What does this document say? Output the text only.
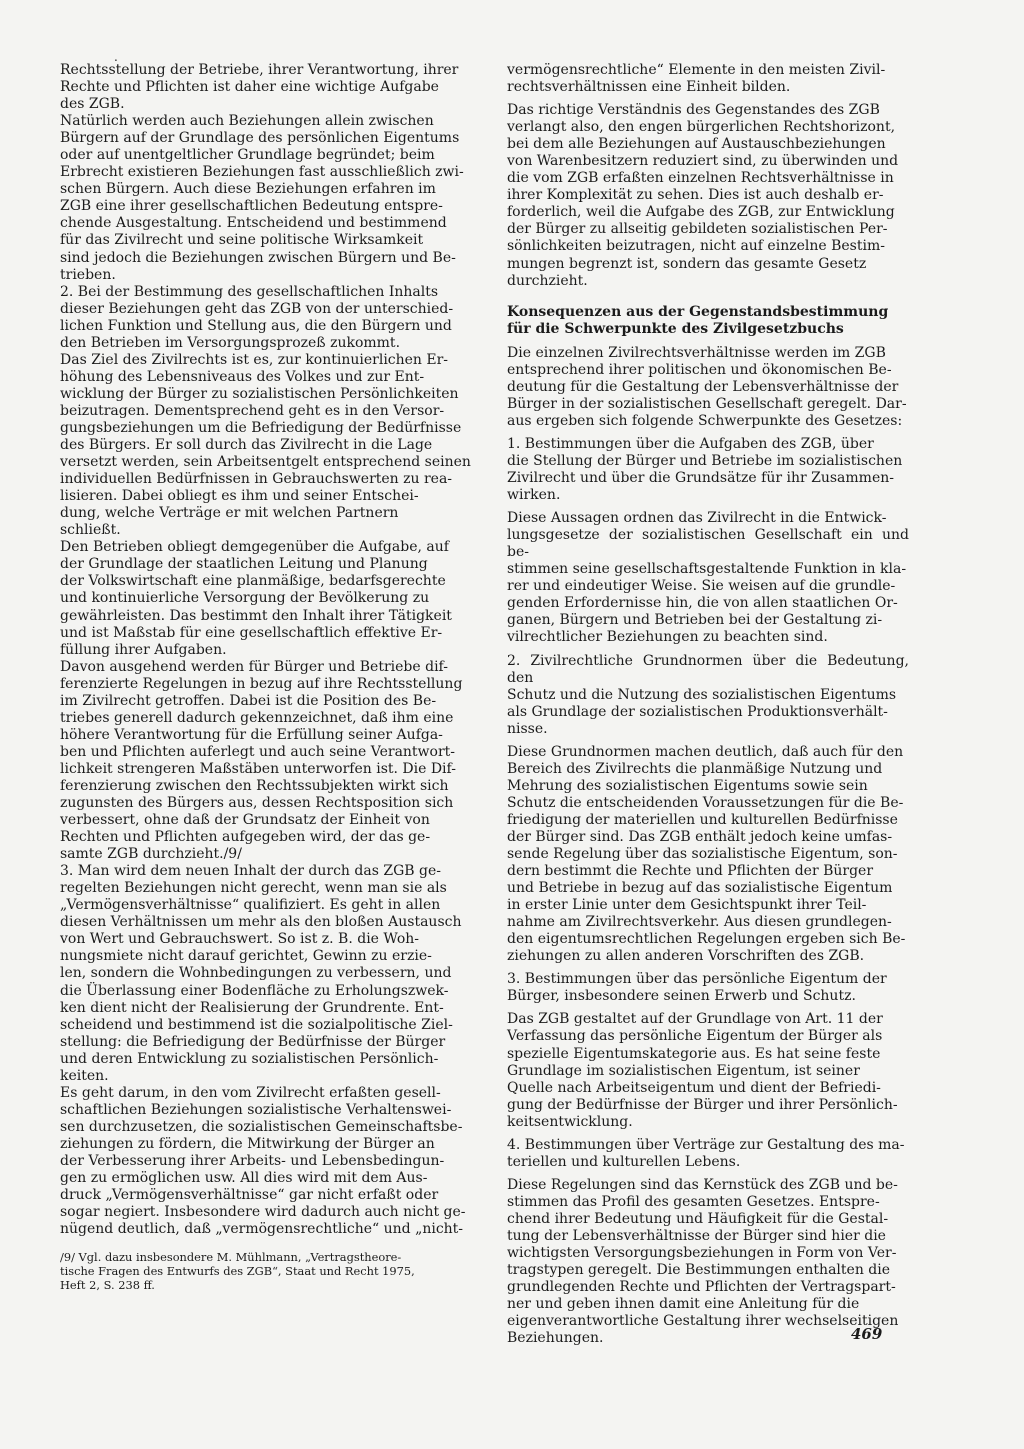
.

Rechtsstellung der Betriebe, ihrer Verantwortung, ihrer
Rechte und Pflichten ist daher eine wichtige Aufgabe
des ZGB.

Natürlich werden auch Beziehungen allein zwischen
Bürgern auf der Grundlage des persönlichen Eigentums
oder auf unentgeltlicher Grundlage begründet; beim
Erbrecht existieren Beziehungen fast ausschließlich zwi-
schen Bürgern. Auch diese Beziehungen erfahren im
ZGB eine ihrer gesellschaftlichen Bedeutung entspre-
chende Ausgestaltung. Entscheidend und bestimmend
für das Zivilrecht und seine politische Wirksamkeit
sind jedoch die Beziehungen zwischen Bürgern und Be-
trieben.

2. Bei der Bestimmung des gesellschaftlichen Inhalts
dieser Beziehungen geht das ZGB von der unterschied-
lichen Funktion und Stellung aus, die den Bürgern und
den Betrieben im Versorgungsprozeß zukommt.

Das Ziel des Zivilrechts ist es, zur kontinuierlichen Er-
höhung des Lebensniveaus des Volkes und zur Ent-
wicklung der Bürger zu sozialistischen Persönlichkeiten
beizutragen. Dementsprechend geht es in den Versor-
gungsbeziehungen um die Befriedigung der Bedürfnisse
des Bürgers. Er soll durch das Zivilrecht in die Lage
versetzt werden, sein Arbeitsentgelt entsprechend seinen
individuellen Bedürfnissen in Gebrauchswerten zu rea-
lisieren. Dabei obliegt es ihm und seiner Entschei-
dung, welche Verträge er mit welchen Partnern
schließt.

Den Betrieben obliegt demgegenüber die Aufgabe, auf
der Grundlage der staatlichen Leitung und Planung
der Volkswirtschaft eine planmäßige, bedarfsgerechte
und kontinuierliche Versorgung der Bevölkerung zu
gewährleisten. Das bestimmt den Inhalt ihrer Tätigkeit
und ist Maßstab für eine gesellschaftlich effektive Er-
füllung ihrer Aufgaben.

Davon ausgehend werden für Bürger und Betriebe dif-
ferenzierte Regelungen in bezug auf ihre Rechtsstellung
im Zivilrecht getroffen. Dabei ist die Position des Be-
triebes generell dadurch gekennzeichnet, daß ihm eine
höhere Verantwortung für die Erfüllung seiner Aufga-
ben und Pflichten auferlegt und auch seine Verantwort-
lichkeit strengeren Maßstäben unterworfen ist. Die Dif-
ferenzierung zwischen den Rechtssubjekten wirkt sich
zugunsten des Bürgers aus, dessen Rechtsposition sich
verbessert, ohne daß der Grundsatz der Einheit von
Rechten und Pflichten aufgegeben wird, der das ge-
samte ZGB durchzieht./9/

3. Man wird dem neuen Inhalt der durch das ZGB ge-
regelten Beziehungen nicht gerecht, wenn man sie als
„Vermögensverhältnisse“ qualifiziert. Es geht in allen
diesen Verhältnissen um mehr als den bloßen Austausch
von Wert und Gebrauchswert. So ist z. B. die Woh-
nungsmiete nicht darauf gerichtet, Gewinn zu erzie-
len, sondern die Wohnbedingungen zu verbessern, und
die Überlassung einer Bodenfläche zu Erholungszwek-
ken dient nicht der Realisierung der Grundrente. Ent-
scheidend und bestimmend ist die sozialpolitische Ziel-
stellung: die Befriedigung der Bedürfnisse der Bürger
und deren Entwicklung zu sozialistischen Persönlich-
keiten.

Es geht darum, in den vom Zivilrecht erfaßten gesell-
schaftlichen Beziehungen sozialistische Verhaltenswei-
sen durchzusetzen, die sozialistischen Gemeinschaftsbe-
ziehungen zu fördern, die Mitwirkung der Bürger an
der Verbesserung ihrer Arbeits- und Lebensbedingun-
gen zu ermöglichen usw. All dies wird mit dem Aus-
druck „Vermögensverhältnisse“ gar nicht erfaßt oder
sogar negiert. Insbesondere wird dadurch auch nicht ge-
nügend deutlich, daß „vermögensrechtliche“ und „nicht-

/9/ Vgl. dazu insbesondere M. Mühlmann, „Vertragstheore-
tische Fragen des Entwurfs des ZGB“, Staat und Recht 1975,
Heft 2, S. 238 ff.

vermögensrechtliche“ Elemente in den meisten Zivil-
rechtsverhältnissen eine Einheit bilden.

Das richtige Verständnis des Gegenstandes des ZGB
verlangt also, den engen bürgerlichen Rechtshorizont,
bei dem alle Beziehungen auf Austauschbeziehungen
von Warenbesitzern reduziert sind, zu überwinden und
die vom ZGB erfaßten einzelnen Rechtsverhältnisse in
ihrer Komplexität zu sehen. Dies ist auch deshalb er-
forderlich, weil die Aufgabe des ZGB, zur Entwicklung
der Bürger zu allseitig gebildeten sozialistischen Per-
sönlichkeiten beizutragen, nicht auf einzelne Bestim-
mungen begrenzt ist, sondern das gesamte Gesetz
durchzieht.

Konsequenzen aus der Gegenstandsbestimmung
für die Schwerpunkte des Zivilgesetzbuchs

Die einzelnen Zivilrechtsverhältnisse werden im ZGB
entsprechend ihrer politischen und ökonomischen Be-
deutung für die Gestaltung der Lebensverhältnisse der
Bürger in der sozialistischen Gesellschaft geregelt. Dar-
aus ergeben sich folgende Schwerpunkte des Gesetzes:

1. Bestimmungen über die Aufgaben des ZGB, über
die Stellung der Bürger und Betriebe im sozialistischen
Zivilrecht und über die Grundsätze für ihr Zusammen-
wirken.

Diese Aussagen ordnen das Zivilrecht in die Entwick-
lungsgesetze der sozialistischen Gesellschaft ein und be-
stimmen seine gesellschaftsgestaltende Funktion in kla-
rer und eindeutiger Weise. Sie weisen auf die grundle-
genden Erfordernisse hin, die von allen staatlichen Or-
ganen, Bürgern und Betrieben bei der Gestaltung zi-
vilrechtlicher Beziehungen zu beachten sind.

2. Zivilrechtliche Grundnormen über die Bedeutung, den
Schutz und die Nutzung des sozialistischen Eigentums
als Grundlage der sozialistischen Produktionsverhält-
nisse.

Diese Grundnormen machen deutlich, daß auch für den
Bereich des Zivilrechts die planmäßige Nutzung und
Mehrung des sozialistischen Eigentums sowie sein
Schutz die entscheidenden Voraussetzungen für die Be-
friedigung der materiellen und kulturellen Bedürfnisse
der Bürger sind. Das ZGB enthält jedoch keine umfas-
sende Regelung über das sozialistische Eigentum, son-
dern bestimmt die Rechte und Pflichten der Bürger
und Betriebe in bezug auf das sozialistische Eigentum
in erster Linie unter dem Gesichtspunkt ihrer Teil-
nahme am Zivilrechtsverkehr. Aus diesen grundlegen-
den eigentumsrechtlichen Regelungen ergeben sich Be-
ziehungen zu allen anderen Vorschriften des ZGB.

3. Bestimmungen über das persönliche Eigentum der
Bürger, insbesondere seinen Erwerb und Schutz.

Das ZGB gestaltet auf der Grundlage von Art. 11 der
Verfassung das persönliche Eigentum der Bürger als
spezielle Eigentumskategorie aus. Es hat seine feste
Grundlage im sozialistischen Eigentum, ist seiner
Quelle nach Arbeitseigentum und dient der Befriedi-
gung der Bedürfnisse der Bürger und ihrer Persönlich-
keitsentwicklung.

4. Bestimmungen über Verträge zur Gestaltung des ma-
teriellen und kulturellen Lebens.

Diese Regelungen sind das Kernstück des ZGB und be-
stimmen das Profil des gesamten Gesetzes. Entspre-
chend ihrer Bedeutung und Häufigkeit für die Gestal-
tung der Lebensverhältnisse der Bürger sind hier die
wichtigsten Versorgungsbeziehungen in Form von Ver-
tragstypen geregelt. Die Bestimmungen enthalten die
grundlegenden Rechte und Pflichten der Vertragspart-
ner und geben ihnen damit eine Anleitung für die
eigenverantwortliche Gestaltung ihrer wechselseitigen
Beziehungen.	469
